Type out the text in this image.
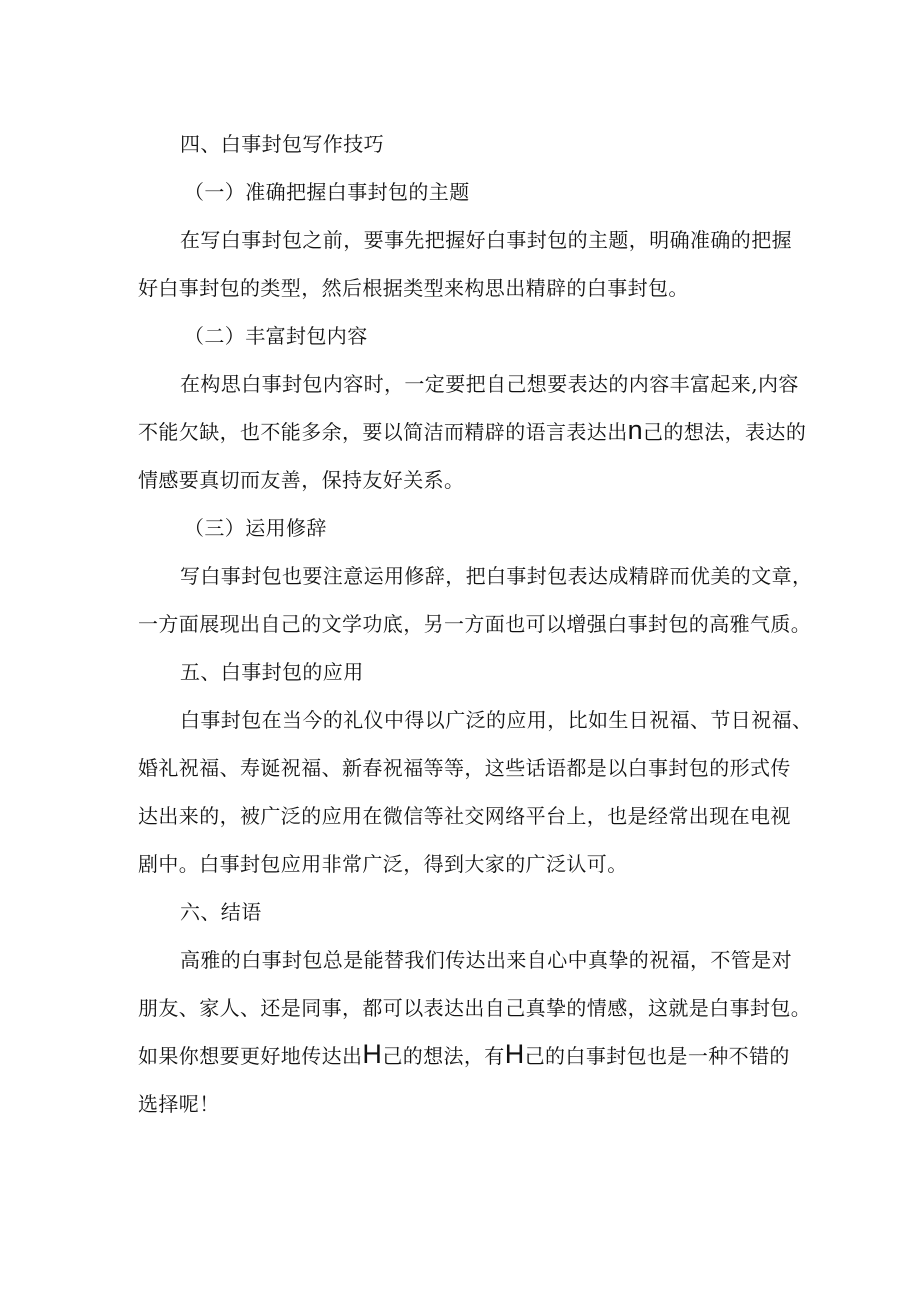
四、白事封包写作技巧
（一）准确把握白事封包的主题
在写白事封包之前，要事先把握好白事封包的主题，明确准确的把握
好白事封包的类型，然后根据类型来构思出精辟的白事封包。
（二）丰富封包内容
在构思白事封包内容时，一定要把自己想要表达的内容丰富起来,内容
不能欠缺，也不能多余，要以简洁而精辟的语言表达出n己的想法，表达的
情感要真切而友善，保持友好关系。
（三）运用修辞
写白事封包也要注意运用修辞，把白事封包表达成精辟而优美的文章，
一方面展现出自己的文学功底，另一方面也可以增强白事封包的高雅气质。
五、白事封包的应用
白事封包在当今的礼仪中得以广泛的应用，比如生日祝福、节日祝福、
婚礼祝福、寿诞祝福、新春祝福等等，这些话语都是以白事封包的形式传
达出来的，被广泛的应用在微信等社交网络平台上，也是经常出现在电视
剧中。白事封包应用非常广泛，得到大家的广泛认可。
六、结语
高雅的白事封包总是能替我们传达出来自心中真挚的祝福，不管是对
朋友、家人、还是同事，都可以表达出自己真挚的情感，这就是白事封包。
如果你想要更好地传达出H己的想法，有H己的白事封包也是一种不错的
选择呢！
